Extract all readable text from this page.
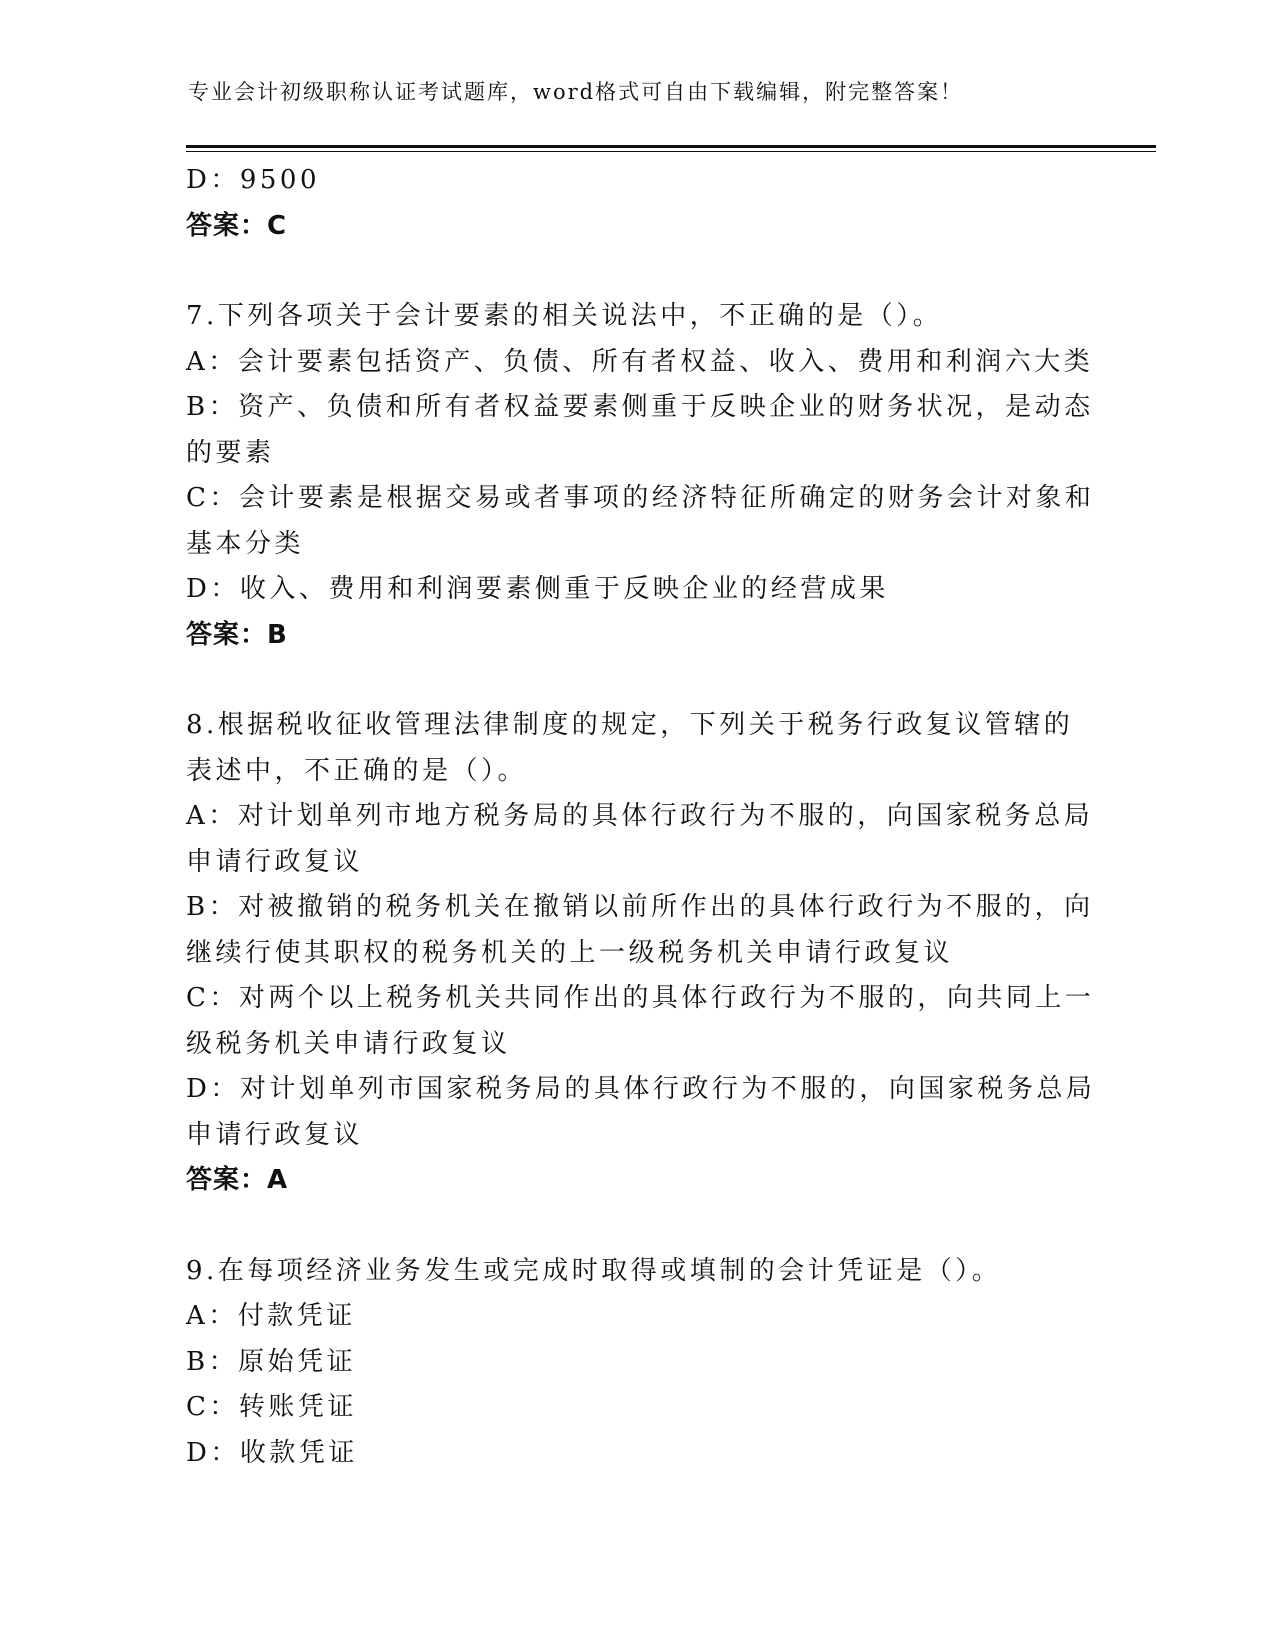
专业会计初级职称认证考试题库，word格式可自由下载编辑，附完整答案！
D：9500
答案：C
7.下列各项关于会计要素的相关说法中，不正确的是（）。
A：会计要素包括资产、负债、所有者权益、收入、费用和利润六大类
B：资产、负债和所有者权益要素侧重于反映企业的财务状况，是动态
的要素
C：会计要素是根据交易或者事项的经济特征所确定的财务会计对象和
基本分类
D：收入、费用和利润要素侧重于反映企业的经营成果
答案：B
8.根据税收征收管理法律制度的规定，下列关于税务行政复议管辖的
表述中，不正确的是（）。
A：对计划单列市地方税务局的具体行政行为不服的，向国家税务总局
申请行政复议
B：对被撤销的税务机关在撤销以前所作出的具体行政行为不服的，向
继续行使其职权的税务机关的上一级税务机关申请行政复议
C：对两个以上税务机关共同作出的具体行政行为不服的，向共同上一
级税务机关申请行政复议
D：对计划单列市国家税务局的具体行政行为不服的，向国家税务总局
申请行政复议
答案：A
9.在每项经济业务发生或完成时取得或填制的会计凭证是（）。
A：付款凭证
B：原始凭证
C：转账凭证
D：收款凭证
